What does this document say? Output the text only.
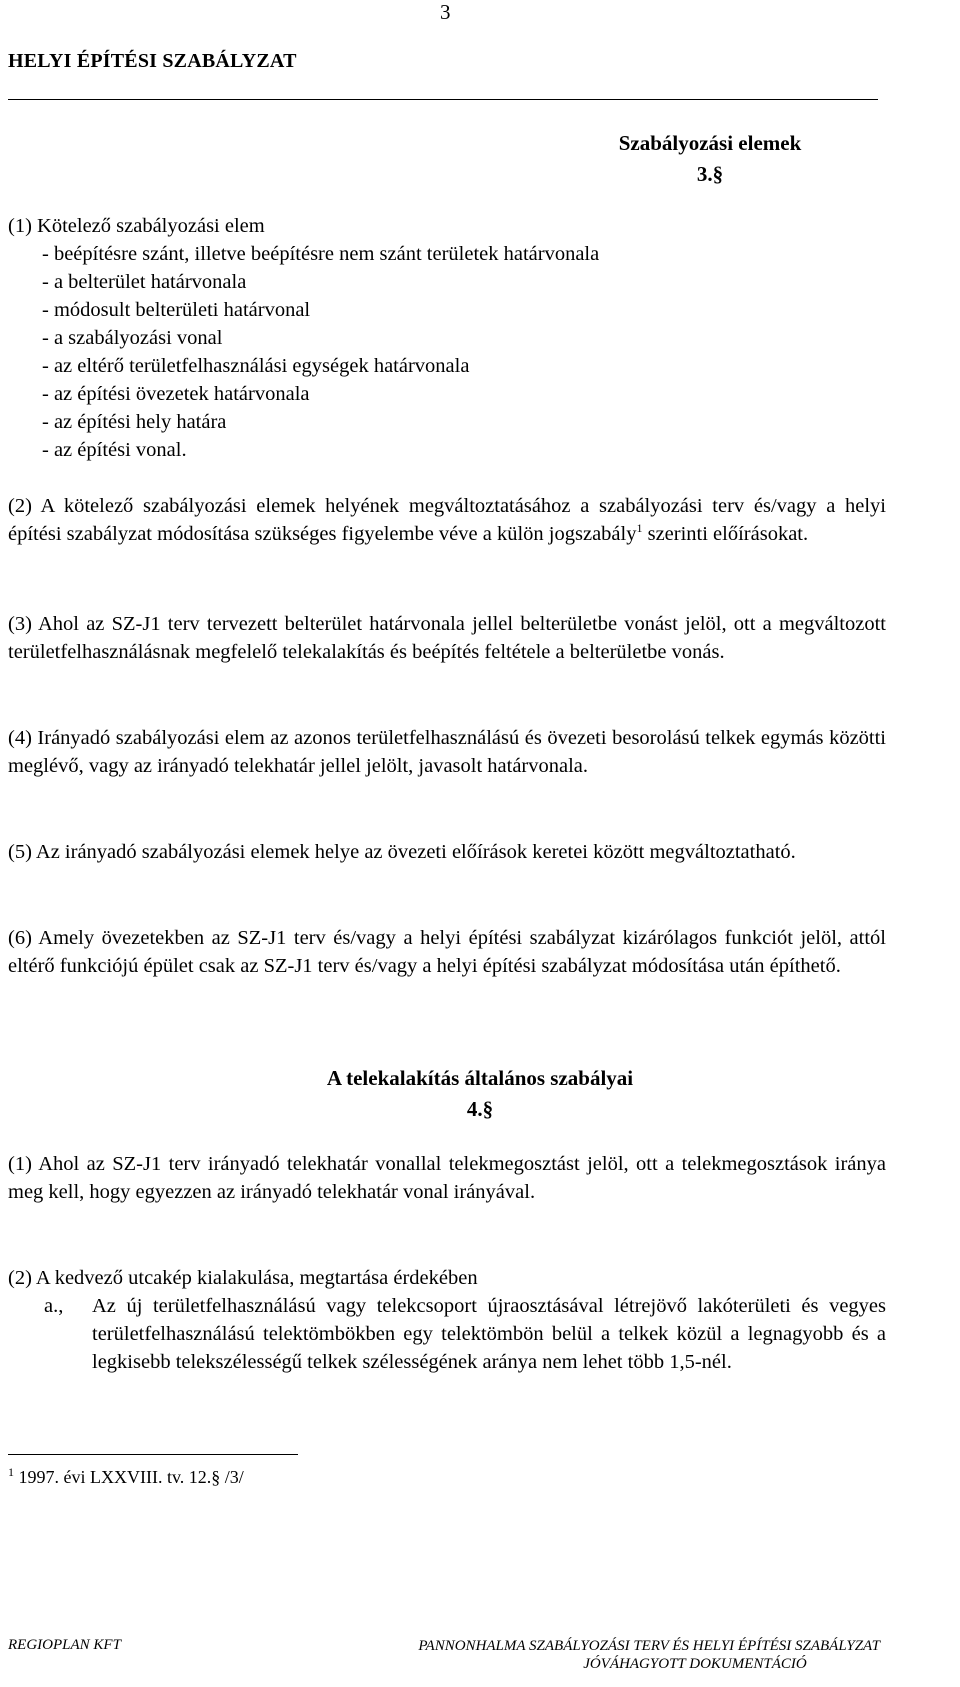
3
HELYI ÉPÍTÉSI SZABÁLYZAT
Szabályozási elemek
3.§
(1) Kötelező szabályozási elem
- beépítésre szánt, illetve beépítésre nem szánt területek határvonala
- a belterület határvonala
- módosult belterületi határvonal
- a szabályozási vonal
- az eltérő területfelhasználási egységek határvonala
- az építési övezetek határvonala
- az építési hely határa
- az építési vonal.
(2) A kötelező szabályozási elemek helyének megváltoztatásához a szabályozási terv és/vagy a helyi építési szabályzat módosítása szükséges figyelembe véve a külön jogszabály$^1$ szerinti előírásokat.
(3) Ahol az SZ-J1 terv tervezett belterület határvonala jellel belterületbe vonást jelöl, ott a megváltozott területfelhasználásnak megfelelő telekalakítás és beépítés feltétele a belterületbe vonás.
(4) Irányadó szabályozási elem az azonos területfelhasználású és övezeti besorolású telkek egymás közötti meglévő, vagy az irányadó telekhatár jellel jelölt, javasolt határvonala.
(5) Az irányadó szabályozási elemek helye az övezeti előírások keretei között megváltoztatható.
(6) Amely övezetekben az SZ-J1 terv és/vagy a helyi építési szabályzat kizárólagos funkciót jelöl, attól eltérő funkciójú épület csak az SZ-J1 terv és/vagy a helyi építési szabályzat módosítása után építhető.
A telekalakítás általános szabályai
4.§
(1) Ahol az SZ-J1 terv irányadó telekhatár vonallal telekmegosztást jelöl, ott a telekmegosztások iránya meg kell, hogy egyezzen az irányadó telekhatár vonal irányával.
(2) A kedvező utcakép kialakulása, megtartása érdekében
a., Az új területfelhasználású vagy telekcsoport újraosztásával létrejövő lakóterületi és vegyes területfelhasználású telektömbökben egy telektömbön belül a telkek közül a legnagyobb és a legkisebb telekszélességű telkek szélességének aránya nem lehet több 1,5-nél.
$^1$ 1997. évi LXXVIII. tv. 12.§ /3/
REGIOPLAN KFT	PANNONHALMA SZABÁLYOZÁSI TERV ÉS HELYI ÉPÍTÉSI SZABÁLYZAT
JÓVÁHAGYOTT DOKUMENTÁCIÓ
